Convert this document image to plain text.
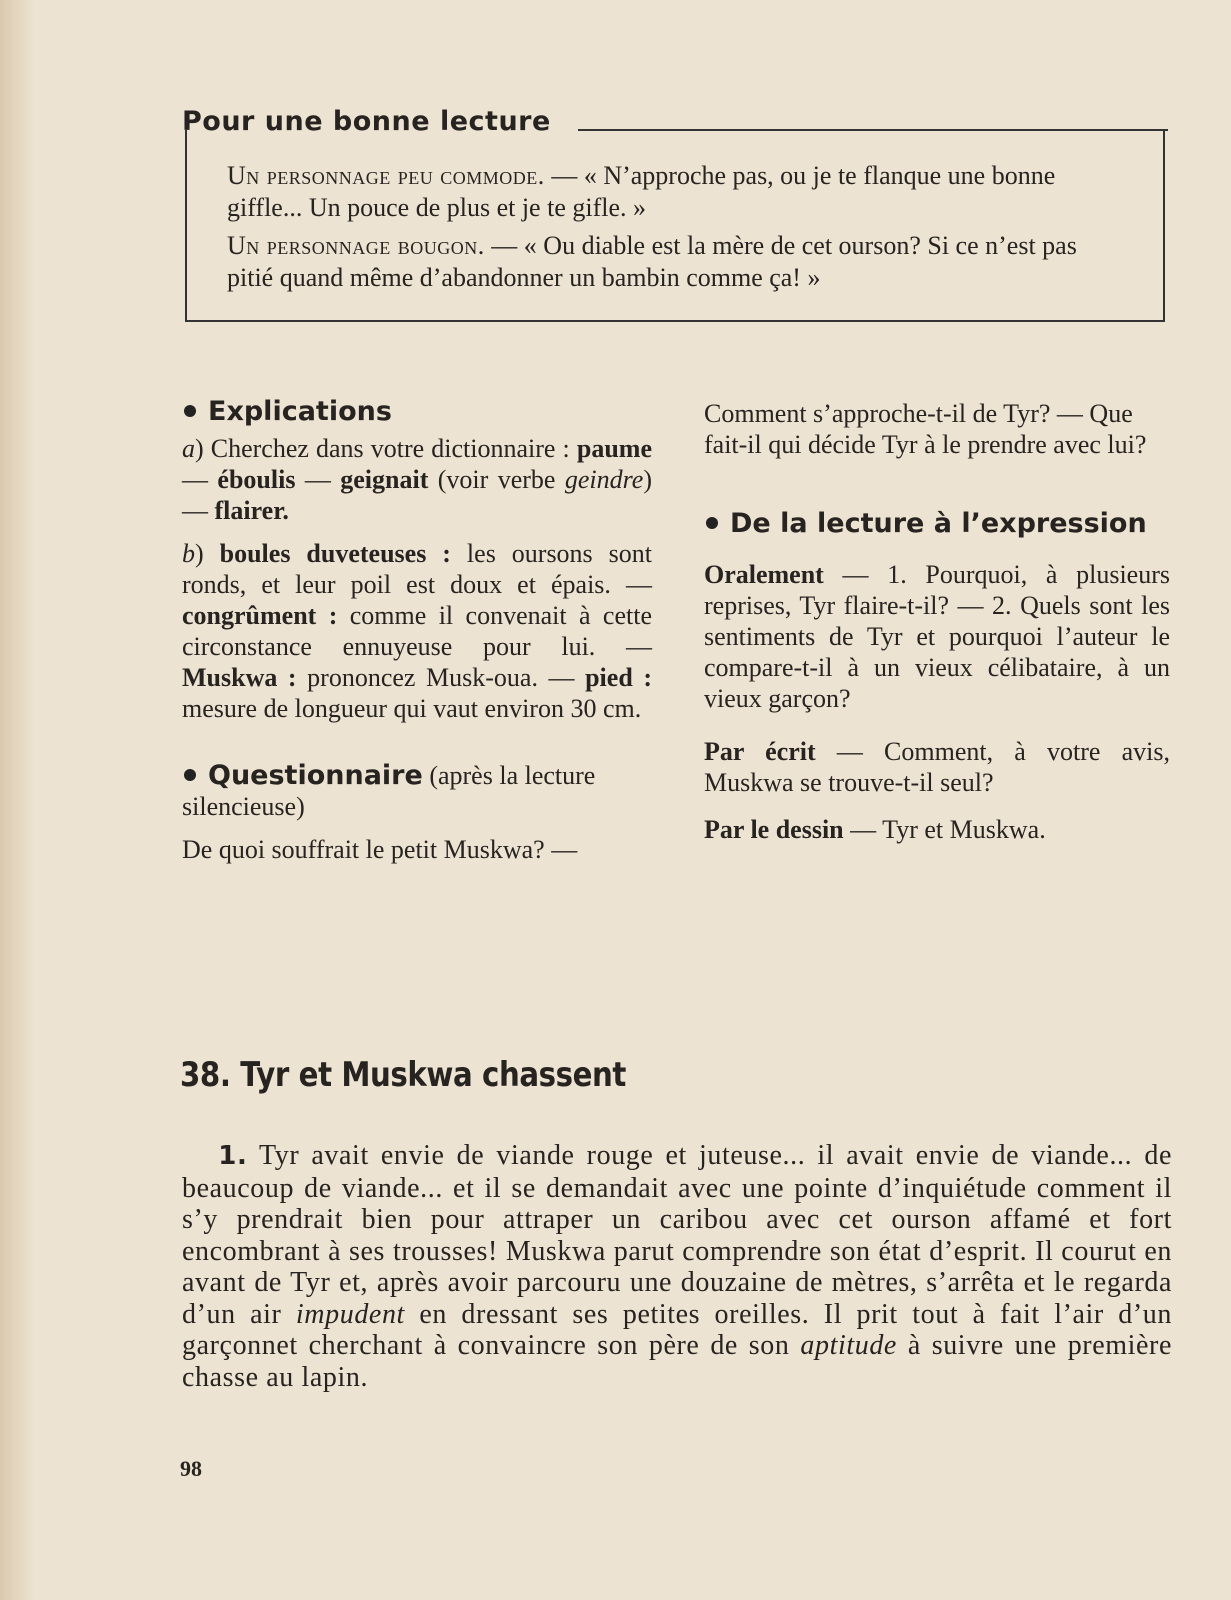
Pour une bonne lecture

Un personnage peu commode. — « N’approche pas, ou je te flanque une bonne giffle... Un pouce de plus et je te gifle. »

Un personnage bougon. — « Ou diable est la mère de cet ourson? Si ce n’est pas pitié quand même d’abandonner un bambin comme ça! »

Explications

a) Cherchez dans votre dictionnaire : paume — éboulis — geignait (voir verbe geindre) — flairer.

b) boules duveteuses : les oursons sont ronds, et leur poil est doux et épais. — congrûment : comme il convenait à cette circonstance ennuyeuse pour lui. — Muskwa : prononcez Musk-oua. — pied : mesure de longueur qui vaut environ 30 cm.

Questionnaire (après la lecture silencieuse)

De quoi souffrait le petit Muskwa? —

Comment s’approche-t-il de Tyr? — Que fait-il qui décide Tyr à le prendre avec lui?

De la lecture à l’expression

Oralement — 1. Pourquoi, à plusieurs reprises, Tyr flaire-t-il? — 2. Quels sont les sentiments de Tyr et pourquoi l’auteur le compare-t-il à un vieux célibataire, à un vieux garçon?

Par écrit — Comment, à votre avis, Muskwa se trouve-t-il seul?

Par le dessin — Tyr et Muskwa.

38. Tyr et Muskwa chassent
1. Tyr avait envie de viande rouge et juteuse... il avait envie de viande... de beaucoup de viande... et il se demandait avec une pointe d’inquiétude comment il s’y prendrait bien pour attraper un caribou avec cet ourson affamé et fort encombrant à ses trousses! Muskwa parut comprendre son état d’esprit. Il courut en avant de Tyr et, après avoir parcouru une douzaine de mètres, s’arrêta et le regarda d’un air impudent en dressant ses petites oreilles. Il prit tout à fait l’air d’un garçonnet cherchant à convaincre son père de son aptitude à suivre une première chasse au lapin.
98
